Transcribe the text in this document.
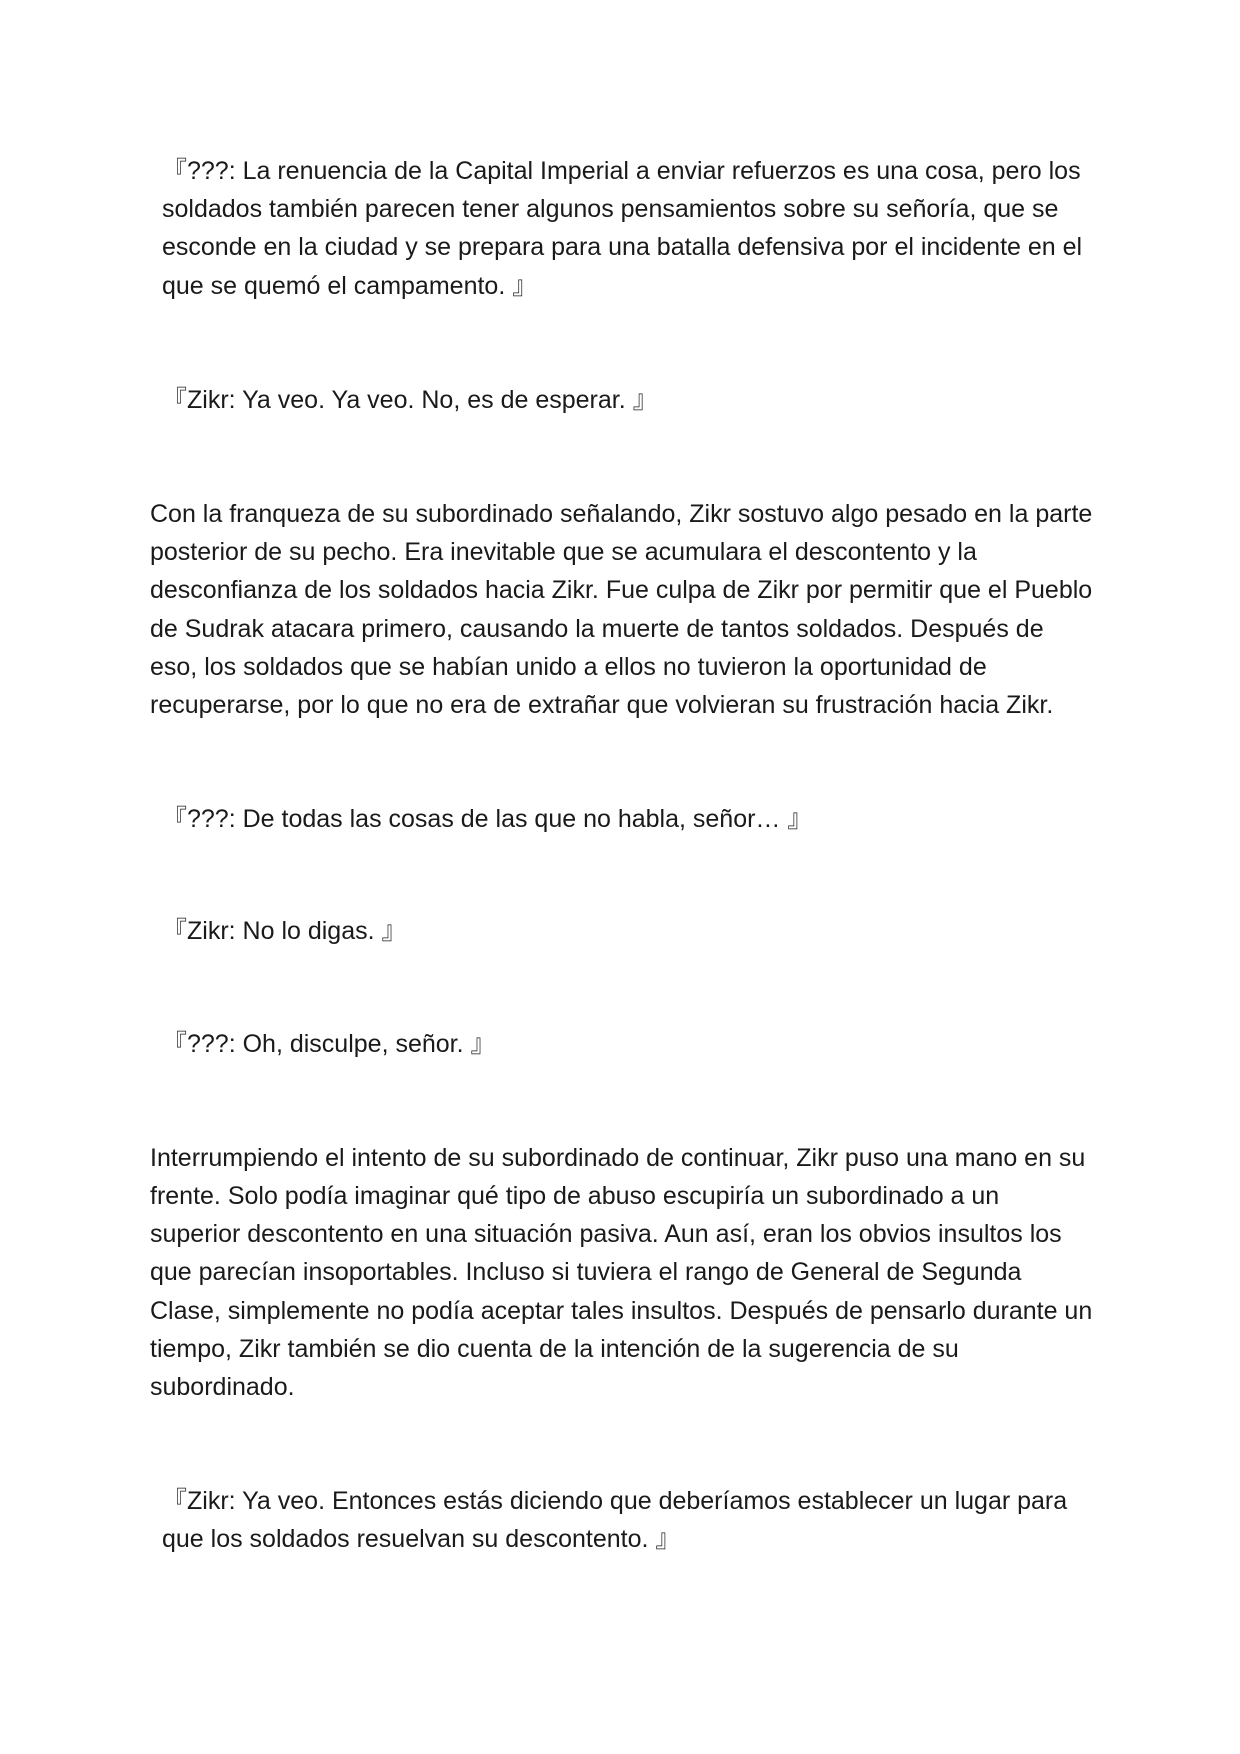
『???: La renuencia de la Capital Imperial a enviar refuerzos es una cosa, pero los soldados también parecen tener algunos pensamientos sobre su señoría, que se esconde en la ciudad y se prepara para una batalla defensiva por el incidente en el que se quemó el campamento. 』

『Zikr: Ya veo. Ya veo. No, es de esperar. 』

Con la franqueza de su subordinado señalando, Zikr sostuvo algo pesado en la parte posterior de su pecho. Era inevitable que se acumulara el descontento y la desconfianza de los soldados hacia Zikr. Fue culpa de Zikr por permitir que el Pueblo de Sudrak atacara primero, causando la muerte de tantos soldados. Después de eso, los soldados que se habían unido a ellos no tuvieron la oportunidad de recuperarse, por lo que no era de extrañar que volvieran su frustración hacia Zikr.

『???: De todas las cosas de las que no habla, señor… 』

『Zikr: No lo digas. 』

『???: Oh, disculpe, señor. 』

Interrumpiendo el intento de su subordinado de continuar, Zikr puso una mano en su frente. Solo podía imaginar qué tipo de abuso escupiría un subordinado a un superior descontento en una situación pasiva. Aun así, eran los obvios insultos los que parecían insoportables. Incluso si tuviera el rango de General de Segunda Clase, simplemente no podía aceptar tales insultos. Después de pensarlo durante un tiempo, Zikr también se dio cuenta de la intención de la sugerencia de su subordinado.

『Zikr: Ya veo. Entonces estás diciendo que deberíamos establecer un lugar para que los soldados resuelvan su descontento. 』
